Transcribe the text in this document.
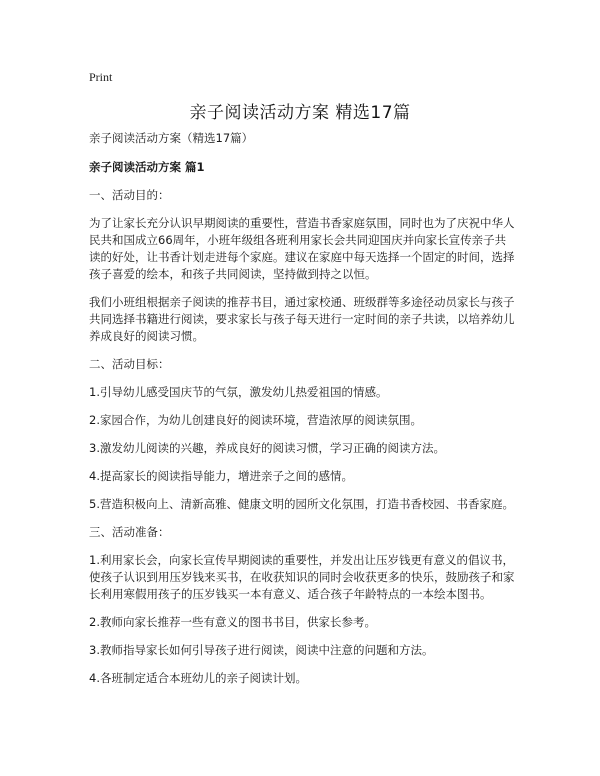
Print
亲子阅读活动方案 精选17篇

亲子阅读活动方案（精选17篇）

亲子阅读活动方案 篇1

一、活动目的：

为了让家长充分认识早期阅读的重要性，营造书香家庭氛围，同时也为了庆祝中华人民共和国成立66周年，小班年级组各班利用家长会共同迎国庆并向家长宣传亲子共读的好处，让书香计划走进每个家庭。建议在家庭中每天选择一个固定的时间，选择孩子喜爱的绘本，和孩子共同阅读，坚持做到持之以恒。

我们小班组根据亲子阅读的推荐书目，通过家校通、班级群等多途径动员家长与孩子共同选择书籍进行阅读，要求家长与孩子每天进行一定时间的亲子共读，以培养幼儿养成良好的阅读习惯。

二、活动目标：

1.引导幼儿感受国庆节的气氛，激发幼儿热爱祖国的情感。

2.家园合作，为幼儿创建良好的阅读环境，营造浓厚的阅读氛围。

3.激发幼儿阅读的兴趣，养成良好的阅读习惯，学习正确的阅读方法。

4.提高家长的阅读指导能力，增进亲子之间的感情。

5.营造积极向上、清新高雅、健康文明的园所文化氛围，打造书香校园、书香家庭。

三、活动准备：

1.利用家长会，向家长宣传早期阅读的重要性，并发出让压岁钱更有意义的倡议书，使孩子认识到用压岁钱来买书，在收获知识的同时会收获更多的快乐，鼓励孩子和家长利用寒假用孩子的压岁钱买一本有意义、适合孩子年龄特点的一本绘本图书。

2.教师向家长推荐一些有意义的图书书目，供家长参考。

3.教师指导家长如何引导孩子进行阅读，阅读中注意的问题和方法。

4.各班制定适合本班幼儿的亲子阅读计划。
